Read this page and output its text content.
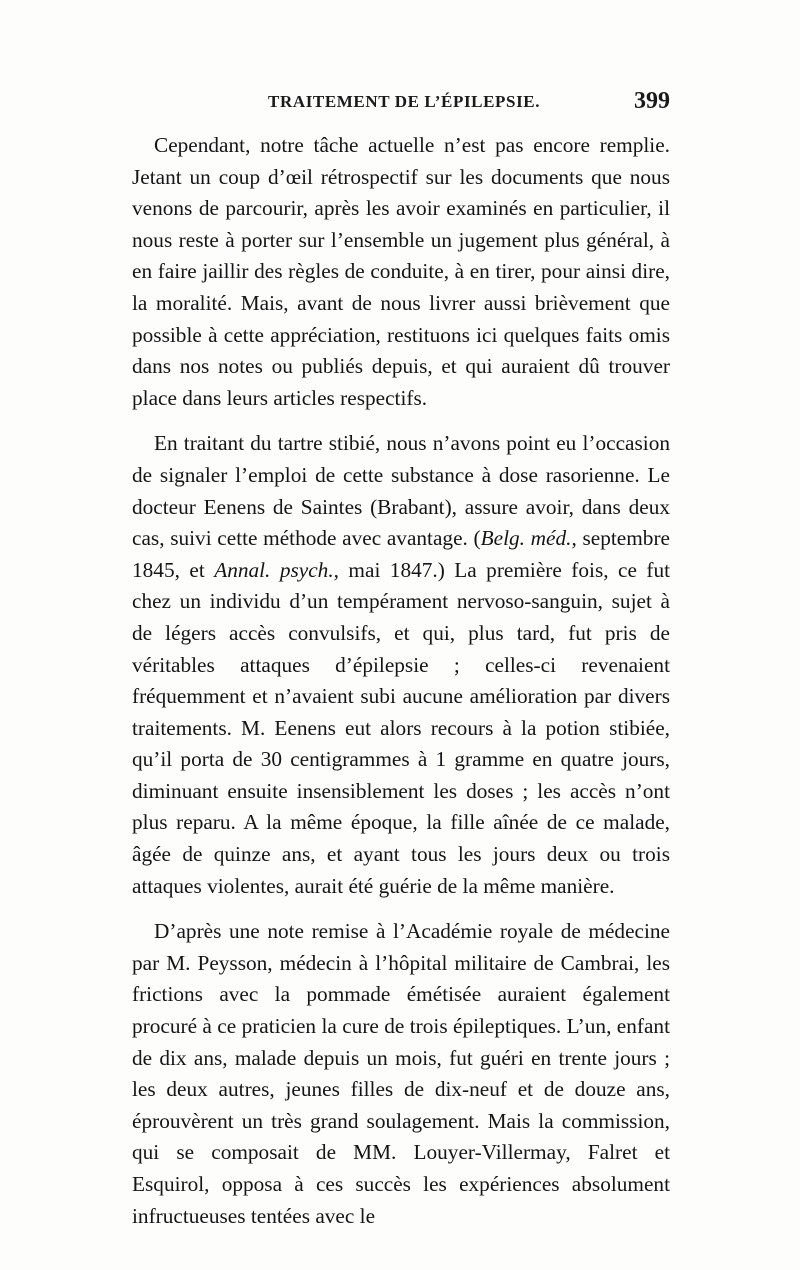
TRAITEMENT DE L’ÉPILEPSIE.	399

Cependant, notre tâche actuelle n’est pas encore remplie. Jetant un coup d’œil rétrospectif sur les documents que nous venons de parcourir, après les avoir examinés en particulier, il nous reste à porter sur l’ensemble un jugement plus général, à en faire jaillir des règles de conduite, à en tirer, pour ainsi dire, la moralité. Mais, avant de nous livrer aussi brièvement que possible à cette appréciation, restituons ici quelques faits omis dans nos notes ou publiés depuis, et qui auraient dû trouver place dans leurs articles respectifs.

En traitant du tartre stibié, nous n’avons point eu l’occasion de signaler l’emploi de cette substance à dose rasorienne. Le docteur Eenens de Saintes (Brabant), assure avoir, dans deux cas, suivi cette méthode avec avantage. (Belg. méd., septembre 1845, et Annal. psych., mai 1847.) La première fois, ce fut chez un individu d’un tempérament nervoso-sanguin, sujet à de légers accès convulsifs, et qui, plus tard, fut pris de véritables attaques d’épilepsie ; celles-ci revenaient fréquemment et n’avaient subi aucune amélioration par divers traitements. M. Eenens eut alors recours à la potion stibiée, qu’il porta de 30 centigrammes à 1 gramme en quatre jours, diminuant ensuite insensiblement les doses ; les accès n’ont plus reparu. A la même époque, la fille aînée de ce malade, âgée de quinze ans, et ayant tous les jours deux ou trois attaques violentes, aurait été guérie de la même manière.

D’après une note remise à l’Académie royale de médecine par M. Peysson, médecin à l’hôpital militaire de Cambrai, les frictions avec la pommade émétisée auraient également procuré à ce praticien la cure de trois épileptiques. L’un, enfant de dix ans, malade depuis un mois, fut guéri en trente jours ; les deux autres, jeunes filles de dix-neuf et de douze ans, éprouvèrent un très grand soulagement. Mais la commission, qui se composait de MM. Louyer-Villermay, Falret et Esquirol, opposa à ces succès les expériences absolument infructueuses tentées avec le
